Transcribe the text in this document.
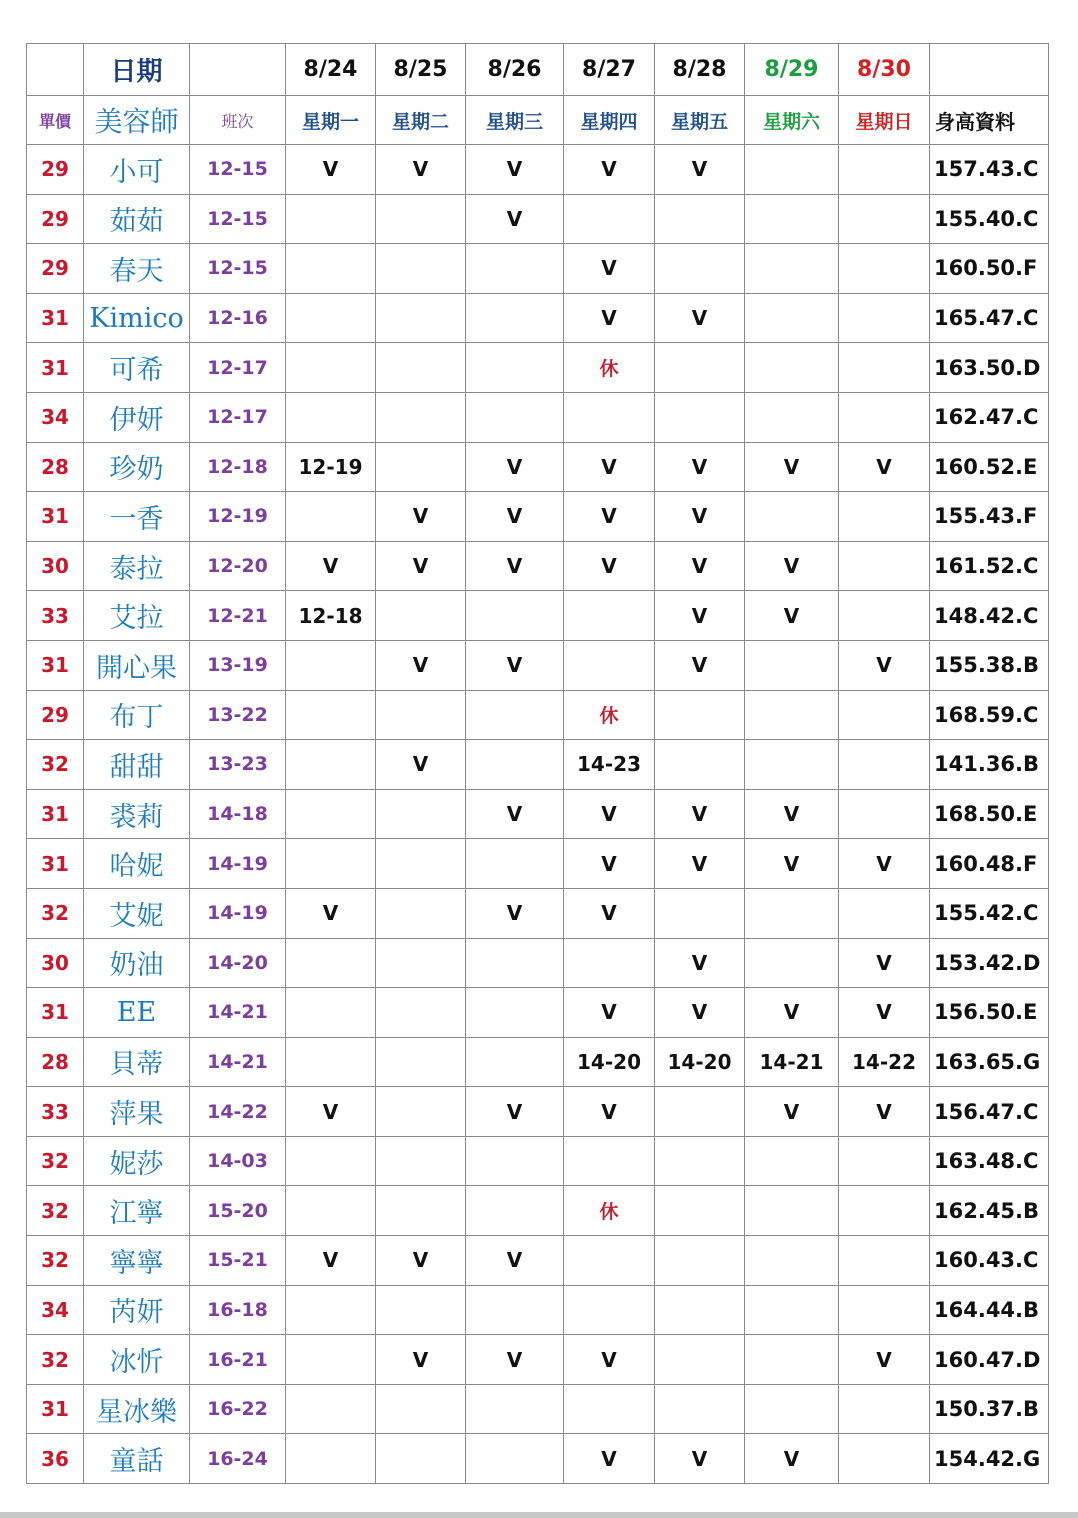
	日期		8/24	8/25	8/26	8/27	8/28	8/29	8/30	
單價	美容師	班次	星期一	星期二	星期三	星期四	星期五	星期六	星期日	身高資料
29	小可	12-15	V	V	V	V	V			157.43.C
29	茹茹	12-15			V					155.40.C
29	春天	12-15				V				160.50.F
31	Kimico	12-16				V	V			165.47.C
31	可希	12-17				休				163.50.D
34	伊妍	12-17								162.47.C
28	珍奶	12-18	12-19		V	V	V	V	V	160.52.E
31	一香	12-19		V	V	V	V			155.43.F
30	泰拉	12-20	V	V	V	V	V	V		161.52.C
33	艾拉	12-21	12-18				V	V		148.42.C
31	開心果	13-19		V	V		V		V	155.38.B
29	布丁	13-22				休				168.59.C
32	甜甜	13-23		V		14-23				141.36.B
31	裘莉	14-18			V	V	V	V		168.50.E
31	哈妮	14-19				V	V	V	V	160.48.F
32	艾妮	14-19	V		V	V				155.42.C
30	奶油	14-20					V		V	153.42.D
31	EE	14-21				V	V	V	V	156.50.E
28	貝蒂	14-21				14-20	14-20	14-21	14-22	163.65.G
33	萍果	14-22	V		V	V		V	V	156.47.C
32	妮莎	14-03								163.48.C
32	江寧	15-20				休				162.45.B
32	寧寧	15-21	V	V	V					160.43.C
34	芮妍	16-18								164.44.B
32	冰忻	16-21		V	V	V			V	160.47.D
31	星冰樂	16-22								150.37.B
36	童話	16-24				V	V	V		154.42.G
